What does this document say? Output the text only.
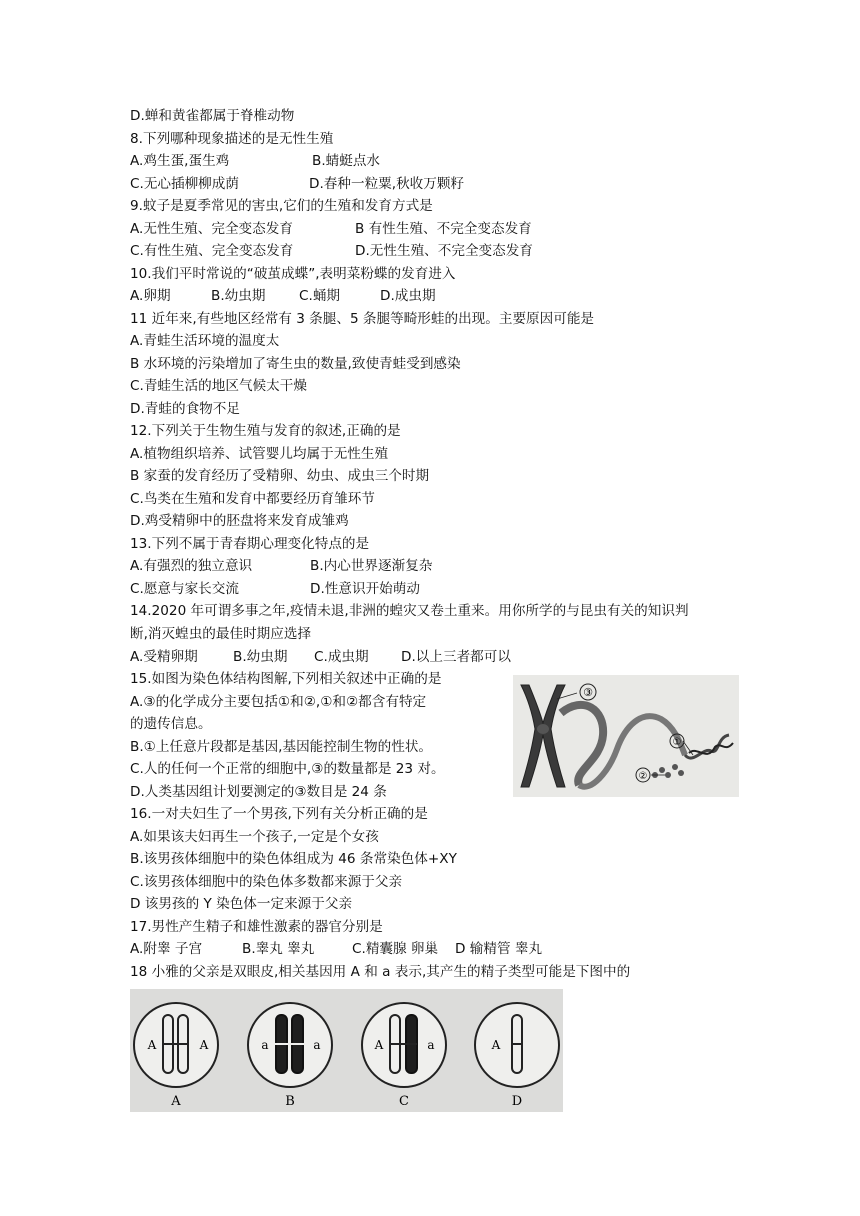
D.蝉和黄雀都属于脊椎动物
8.下列哪种现象描述的是无性生殖
A.鸡生蛋,蛋生鸡	B.蜻蜓点水
C.无心插柳柳成荫	D.春种一粒粟,秋收万颗籽
9.蚊子是夏季常见的害虫,它们的生殖和发育方式是
A.无性生殖、完全变态发育	B 有性生殖、不完全变态发育
C.有性生殖、完全变态发育	D.无性生殖、不完全变态发育
10.我们平时常说的“破茧成蝶”,表明菜粉蝶的发育进入
A.卵期	B.幼虫期 C.蛹期	D.成虫期
11 近年来,有些地区经常有 3 条腿、5 条腿等畸形蛙的出现。主要原因可能是
A.青蛙生活环境的温度太
B 水环境的污染增加了寄生虫的数量,致使青蛙受到感染
C.青蛙生活的地区气候太干燥
D.青蛙的食物不足
12.下列关于生物生殖与发育的叙述,正确的是
A.植物组织培养、试管婴儿均属于无性生殖
B 家蚕的发育经历了受精卵、幼虫、成虫三个时期
C.鸟类在生殖和发育中都要经历育雏环节
D.鸡受精卵中的胚盘将来发育成雏鸡
13.下列不属于青春期心理变化特点的是
A.有强烈的独立意识	B.内心世界逐渐复杂
C.愿意与家长交流	D.性意识开始萌动
14.2020 年可谓多事之年,疫情未退,非洲的蝗灾又卷土重来。用你所学的与昆虫有关的知识判
断,消灭蝗虫的最佳时期应选择
A.受精卵期	B.幼虫期 C.成虫期 D.以上三者都可以
15.如图为染色体结构图解,下列相关叙述中正确的是
A.③的化学成分主要包括①和②,①和②都含有特定
的遗传信息。
B.①上任意片段都是基因,基因能控制生物的性状。
C.人的任何一个正常的细胞中,③的数量都是 23 对。
D.人类基因组计划要测定的③数目是 24 条
16.一对夫妇生了一个男孩,下列有关分析正确的是
A.如果该夫妇再生一个孩子,一定是个女孩
B.该男孩体细胞中的染色体组成为 46 条常染色体+XY
C.该男孩体细胞中的染色体多数都来源于父亲
D 该男孩的 Y 染色体一定来源于父亲
17.男性产生精子和雄性激素的器官分别是
A.附睾 子宫	B.睾丸 睾丸	C.精囊腺 卵巢 D 输精管 睾丸
18 小雅的父亲是双眼皮,相关基因用 A 和 a 表示,其产生的精子类型可能是下图中的
③
①
②
A	A
A
a	a
B
A	a
C
A
D
